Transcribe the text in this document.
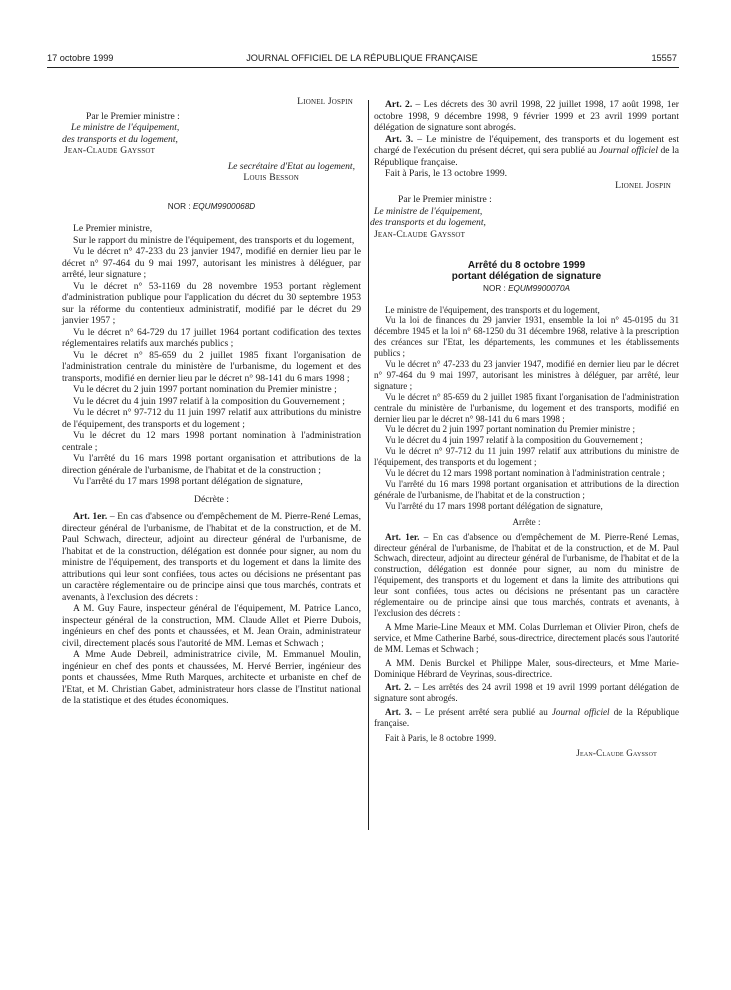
17 octobre 1999	JOURNAL OFFICIEL DE LA RÉPUBLIQUE FRANÇAISE	15557

Lionel Jospin

Par le Premier ministre :

Le ministre de l'équipement,

des transports et du logement,

Jean-Claude Gayssot

Le secrétaire d'Etat au logement,

Louis Besson

NOR : EQUM9900068D

Le Premier ministre,

Sur le rapport du ministre de l'équipement, des transports et du logement,

Vu le décret n° 47-233 du 23 janvier 1947, modifié en dernier lieu par le décret n° 97-464 du 9 mai 1997, autorisant les ministres à déléguer, par arrêté, leur signature ;

Vu le décret n° 53-1169 du 28 novembre 1953 portant règlement d'administration publique pour l'application du décret du 30 septembre 1953 sur la réforme du contentieux administratif, modifié par le décret du 29 janvier 1957 ;

Vu le décret n° 64-729 du 17 juillet 1964 portant codification des textes réglementaires relatifs aux marchés publics ;

Vu le décret n° 85-659 du 2 juillet 1985 fixant l'organisation de l'administration centrale du ministère de l'urbanisme, du logement et des transports, modifié en dernier lieu par le décret n° 98-141 du 6 mars 1998 ;

Vu le décret du 2 juin 1997 portant nomination du Premier ministre ;

Vu le décret du 4 juin 1997 relatif à la composition du Gouvernement ;

Vu le décret n° 97-712 du 11 juin 1997 relatif aux attributions du ministre de l'équipement, des transports et du logement ;

Vu le décret du 12 mars 1998 portant nomination à l'administration centrale ;

Vu l'arrêté du 16 mars 1998 portant organisation et attributions de la direction générale de l'urbanisme, de l'habitat et de la construction ;

Vu l'arrêté du 17 mars 1998 portant délégation de signature,

Décrète :

Art. 1er. – En cas d'absence ou d'empêchement de M. Pierre-René Lemas, directeur général de l'urbanisme, de l'habitat et de la construction, et de M. Paul Schwach, directeur, adjoint au directeur général de l'urbanisme, de l'habitat et de la construction, délégation est donnée pour signer, au nom du ministre de l'équipement, des transports et du logement et dans la limite des attributions qui leur sont confiées, tous actes ou décisions ne présentant pas un caractère réglementaire ou de principe ainsi que tous marchés, contrats et avenants, à l'exclusion des décrets :

A M. Guy Faure, inspecteur général de l'équipement, M. Patrice Lanco, inspecteur général de la construction, MM. Claude Allet et Pierre Dubois, ingénieurs en chef des ponts et chaussées, et M. Jean Orain, administrateur civil, directement placés sous l'autorité de MM. Lemas et Schwach ;

A Mme Aude Debreil, administratrice civile, M. Emmanuel Moulin, ingénieur en chef des ponts et chaussées, M. Hervé Berrier, ingénieur des ponts et chaussées, Mme Ruth Marques, architecte et urbaniste en chef de l'Etat, et M. Christian Gabet, administrateur hors classe de l'Institut national de la statistique et des études économiques.

Art. 2. – Les décrets des 30 avril 1998, 22 juillet 1998, 17 août 1998, 1er octobre 1998, 9 décembre 1998, 9 février 1999 et 23 avril 1999 portant délégation de signature sont abrogés.

Art. 3. – Le ministre de l'équipement, des transports et du logement est chargé de l'exécution du présent décret, qui sera publié au Journal officiel de la République française.

Fait à Paris, le 13 octobre 1999.

Lionel Jospin

Par le Premier ministre :

Le ministre de l'équipement,

des transports et du logement,

Jean-Claude Gayssot

Arrêté du 8 octobre 1999

portant délégation de signature

NOR : EQUM9900070A

Le ministre de l'équipement, des transports et du logement,

Vu la loi de finances du 29 janvier 1931, ensemble la loi n° 45-0195 du 31 décembre 1945 et la loi n° 68-1250 du 31 décembre 1968, relative à la prescription des créances sur l'Etat, les départements, les communes et les établissements publics ;

Vu le décret n° 47-233 du 23 janvier 1947, modifié en dernier lieu par le décret n° 97-464 du 9 mai 1997, autorisant les ministres à déléguer, par arrêté, leur signature ;

Vu le décret n° 85-659 du 2 juillet 1985 fixant l'organisation de l'administration centrale du ministère de l'urbanisme, du logement et des transports, modifié en dernier lieu par le décret n° 98-141 du 6 mars 1998 ;

Vu le décret du 2 juin 1997 portant nomination du Premier ministre ;

Vu le décret du 4 juin 1997 relatif à la composition du Gouvernement ;

Vu le décret n° 97-712 du 11 juin 1997 relatif aux attributions du ministre de l'équipement, des transports et du logement ;

Vu le décret du 12 mars 1998 portant nomination à l'administration centrale ;

Vu l'arrêté du 16 mars 1998 portant organisation et attributions de la direction générale de l'urbanisme, de l'habitat et de la construction ;

Vu l'arrêté du 17 mars 1998 portant délégation de signature,

Arrête :

Art. 1er. – En cas d'absence ou d'empêchement de M. Pierre-René Lemas, directeur général de l'urbanisme, de l'habitat et de la construction, et de M. Paul Schwach, directeur, adjoint au directeur général de l'urbanisme, de l'habitat et de la construction, délégation est donnée pour signer, au nom du ministre de l'équipement, des transports et du logement et dans la limite des attributions qui leur sont confiées, tous actes ou décisions ne présentant pas un caractère réglementaire ou de principe ainsi que tous marchés, contrats et avenants, à l'exclusion des décrets :

A Mme Marie-Line Meaux et MM. Colas Durrleman et Olivier Piron, chefs de service, et Mme Catherine Barbé, sous-directrice, directement placés sous l'autorité de MM. Lemas et Schwach ;

A MM. Denis Burckel et Philippe Maler, sous-directeurs, et Mme Marie-Dominique Hébrard de Veyrinas, sous-directrice.

Art. 2. – Les arrêtés des 24 avril 1998 et 19 avril 1999 portant délégation de signature sont abrogés.

Art. 3. – Le présent arrêté sera publié au Journal officiel de la République française.

Fait à Paris, le 8 octobre 1999.

Jean-Claude Gayssot
